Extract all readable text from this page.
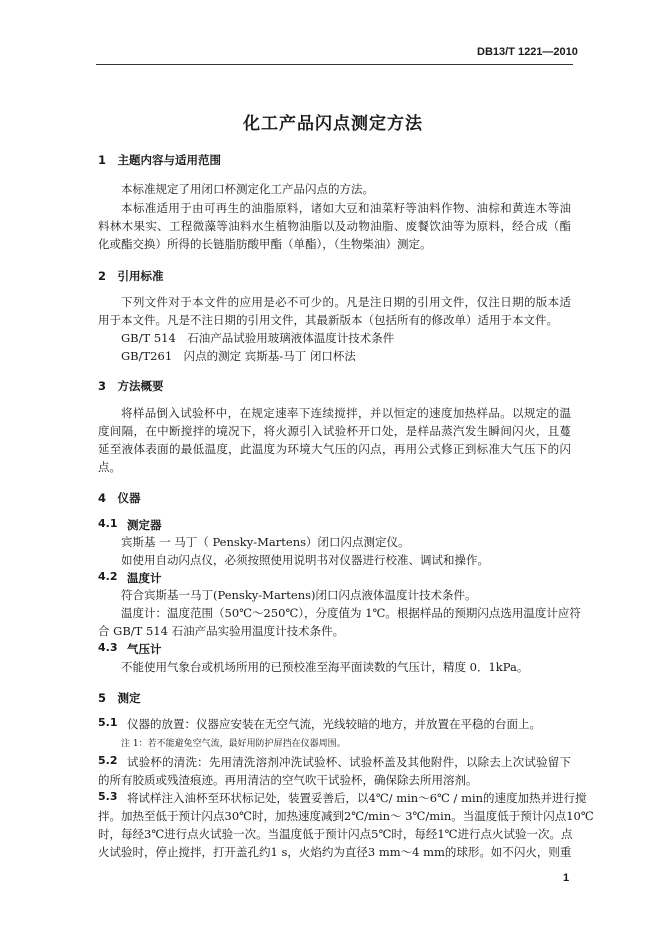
DB13/T 1221—2010
化工产品闪点测定方法
1　主题内容与适用范围
本标准规定了用闭口杯测定化工产品闪点的方法。
本标准适用于由可再生的油脂原料，诸如大豆和油菜籽等油料作物、油棕和黄连木等油
料林木果实、工程微藻等油料水生植物油脂以及动物油脂、废餐饮油等为原料，经合成（酯
化或酯交换）所得的长链脂肪酸甲酯（单酯），（生物柴油）测定。
2　引用标准
下列文件对于本文件的应用是必不可少的。凡是注日期的引用文件，仅注日期的版本适
用于本文件。凡是不注日期的引用文件，其最新版本（包括所有的修改单）适用于本文件。
GB/T 514　石油产品试验用玻璃液体温度计技术条件
GB/T261　闪点的测定 宾斯基-马丁 闭口杯法
3　方法概要
将样品倒入试验杯中，在规定速率下连续搅拌，并以恒定的速度加热样品。以规定的温
度间隔，在中断搅拌的境况下，将火源引入试验杯开口处，是样品蒸汽发生瞬间闪火，且蔓
延至液体表面的最低温度，此温度为环境大气压的闪点，再用公式修正到标准大气压下的闪
点。
4　仪器
4.1 测定器
宾斯基 一 马丁（ Pensky-Martens）闭口闪点测定仪。
如使用自动闪点仪，必须按照使用说明书对仪器进行校准、调试和操作。
4.2 温度计
符合宾斯基一马丁(Pensky-Martens)闭口闪点液体温度计技术条件。
温度计：温度范围（50℃～250℃），分度值为 1℃。根据样品的预期闪点选用温度计应符
合 GB/T 514 石油产品实验用温度计技术条件。
4.3 气压计
不能使用气象台或机场所用的已预校准至海平面读数的气压计，精度 0．1kPa。
5　测定
5.1 仪器的放置：仪器应安装在无空气流，光线较暗的地方，并放置在平稳的台面上。
注 1：若不能避免空气流，最好用防护屏挡在仪器周围。
5.2 试验杯的清洗：先用清洗溶剂冲洗试验杯、试验杯盖及其他附件，以除去上次试验留下
的所有胶质或残渣痕迹。再用清洁的空气吹干试验杯，确保除去所用溶剂。
5.3 将试样注入油杯至环状标记处，装置妥善后，以4℃/ min～6℃ / min的速度加热并进行搅
拌。加热至低于预计闪点30℃时，加热速度减到2℃/min～ 3℃/min。当温度低于预计闪点10℃
时，每经3℃进行点火试验一次。当温度低于预计闪点5℃时，每经1℃进行点火试验一次。点
火试验时，停止搅拌，打开盖孔约1 s，火焰约为直径3 mm～4 mm的球形。如不闪火，则重
1
